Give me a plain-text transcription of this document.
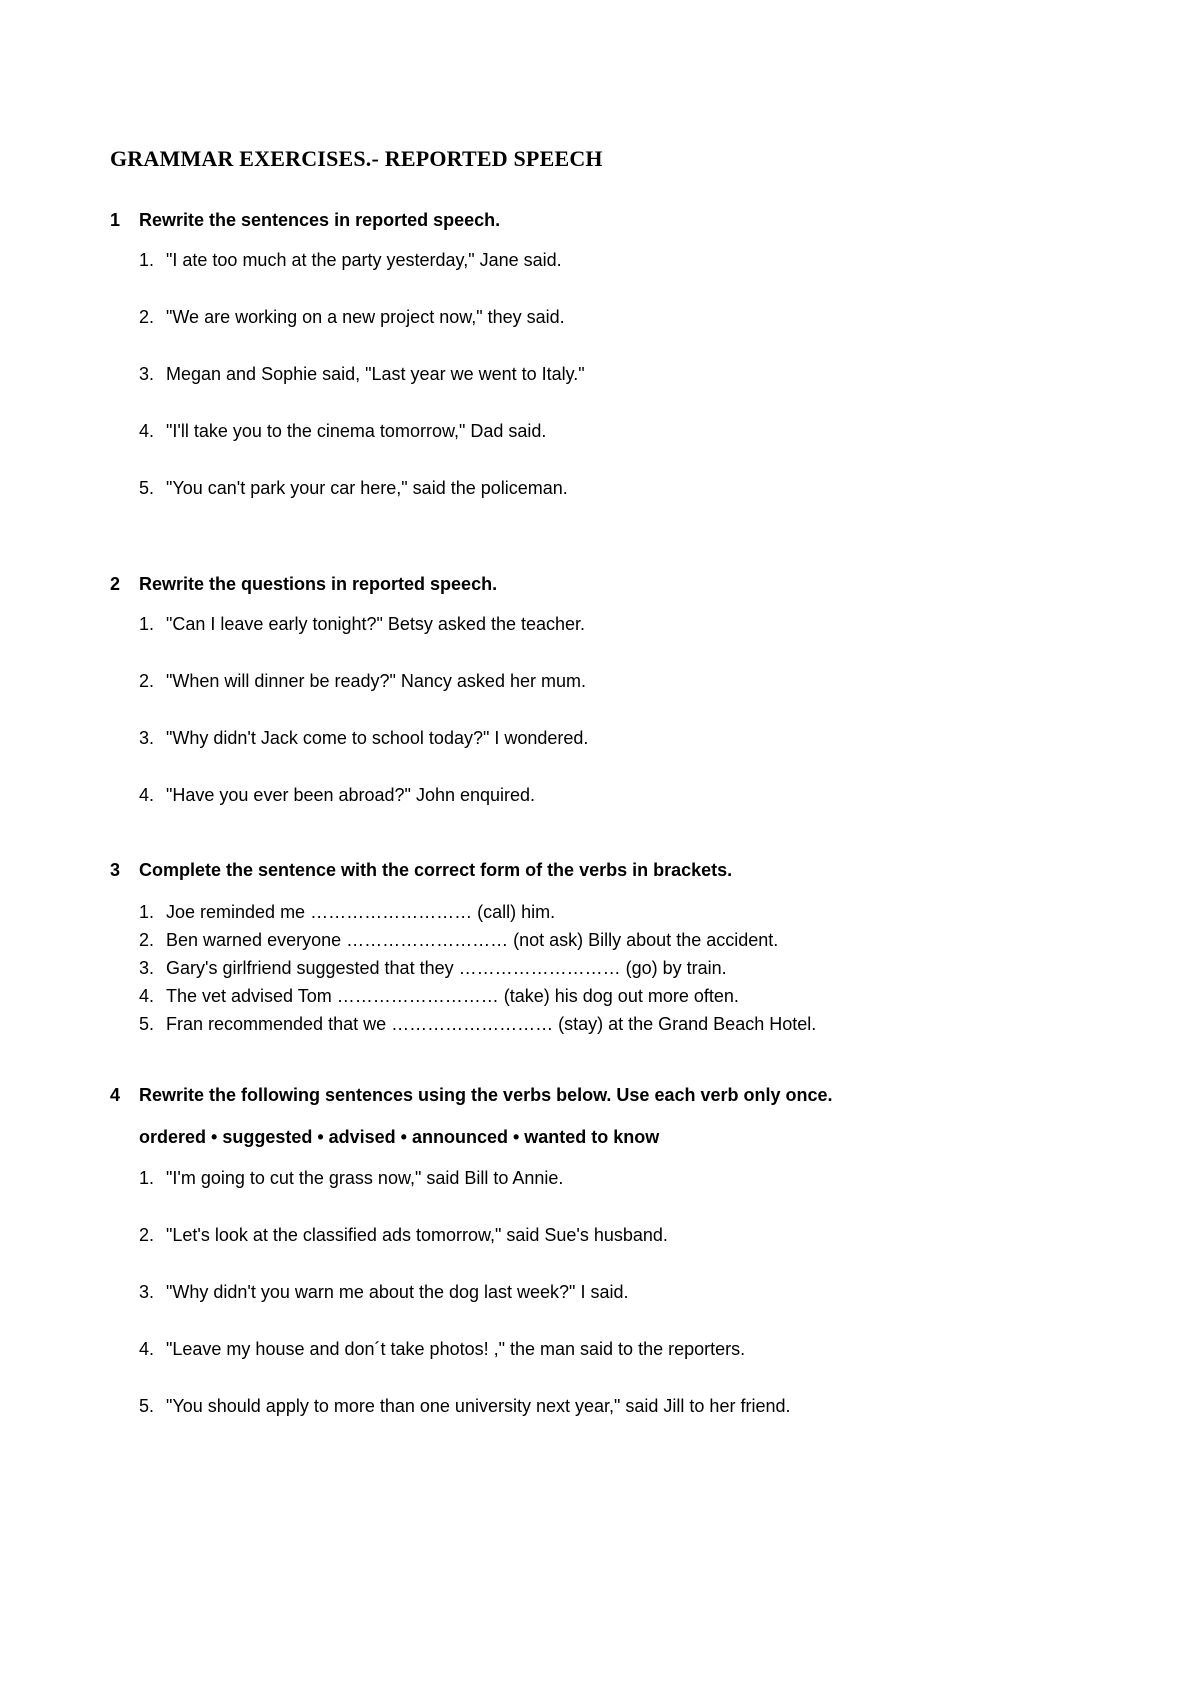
GRAMMAR EXERCISES.- REPORTED SPEECH

1 Rewrite the sentences in reported speech.

1. "I ate too much at the party yesterday," Jane said.

2. "We are working on a new project now," they said.

3. Megan and Sophie said, "Last year we went to Italy."

4. "I'll take you to the cinema tomorrow," Dad said.

5. "You can't park your car here," said the policeman.

2 Rewrite the questions in reported speech.

1. "Can I leave early tonight?" Betsy asked the teacher.

2. "When will dinner be ready?" Nancy asked her mum.

3. "Why didn't Jack come to school today?" I wondered.

4. "Have you ever been abroad?" John enquired.

3 Complete the sentence with the correct form of the verbs in brackets.

1. Joe reminded me ……………………… (call) him.

2. Ben warned everyone ……………………… (not ask) Billy about the accident.

3. Gary's girlfriend suggested that they ……………………… (go) by train.

4. The vet advised Tom ……………………… (take) his dog out more often.

5. Fran recommended that we ……………………… (stay) at the Grand Beach Hotel.

4 Rewrite the following sentences using the verbs below. Use each verb only once.

ordered • suggested • advised • announced • wanted to know

1. "I'm going to cut the grass now," said Bill to Annie.

2. "Let's look at the classified ads tomorrow," said Sue's husband.

3. "Why didn't you warn me about the dog last week?" I said.

4. "Leave my house and don´t take photos! ," the man said to the reporters.

5. "You should apply to more than one university next year," said Jill to her friend.
